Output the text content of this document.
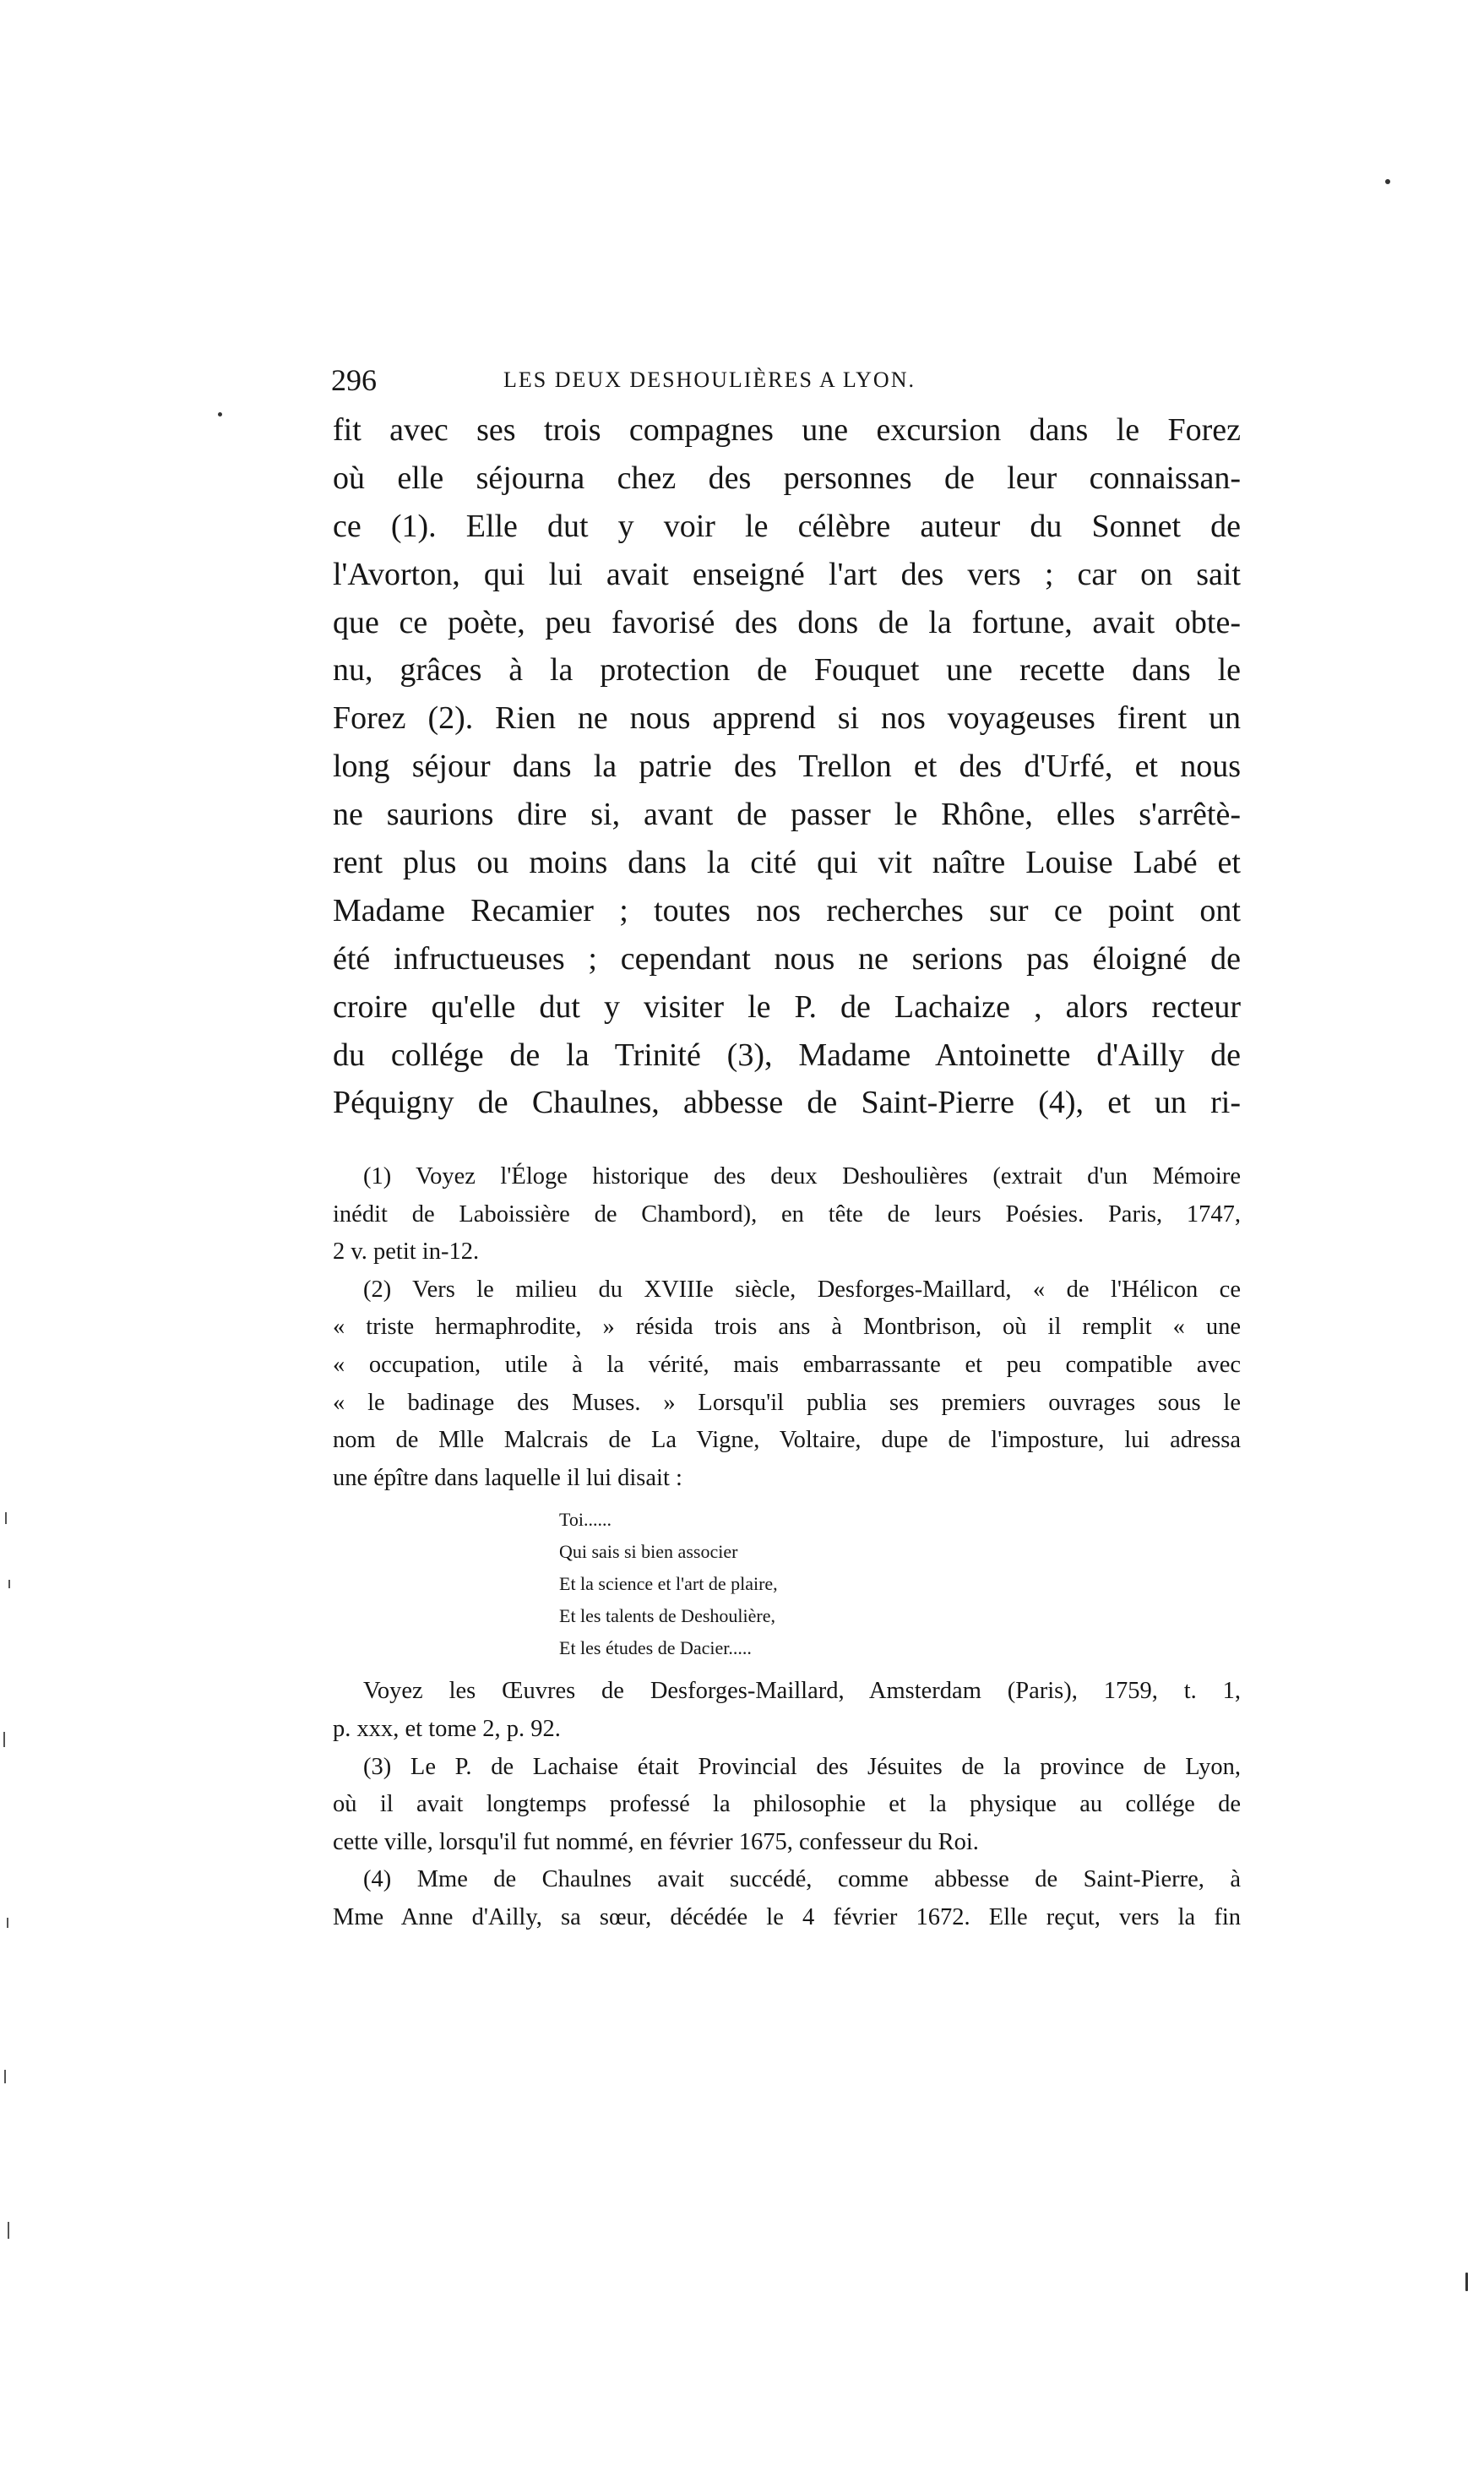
296	LES DEUX DESHOULIÈRES A LYON.
fit avec ses trois compagnes une excursion dans le Forez
où elle séjourna chez des personnes de leur connaissan-
ce (1). Elle dut y voir le célèbre auteur du Sonnet de
l'Avorton, qui lui avait enseigné l'art des vers ; car on sait
que ce poète, peu favorisé des dons de la fortune, avait obte-
nu, grâces à la protection de Fouquet une recette dans le
Forez (2). Rien ne nous apprend si nos voyageuses firent un
long séjour dans la patrie des Trellon et des d'Urfé, et nous
ne saurions dire si, avant de passer le Rhône, elles s'arrêtè-
rent plus ou moins dans la cité qui vit naître Louise Labé et
Madame Recamier ; toutes nos recherches sur ce point ont
été infructueuses ; cependant nous ne serions pas éloigné de
croire qu'elle dut y visiter le P. de Lachaize , alors recteur
du collége de la Trinité (3), Madame Antoinette d'Ailly de
Péquigny de Chaulnes, abbesse de Saint-Pierre (4), et un ri-
(1) Voyez l'Éloge historique des deux Deshoulières (extrait d'un Mémoire
inédit de Laboissière de Chambord), en tête de leurs Poésies. Paris, 1747,
2 v. petit in-12.
(2) Vers le milieu du XVIIIe siècle, Desforges-Maillard, « de l'Hélicon ce
« triste hermaphrodite, » résida trois ans à Montbrison, où il remplit « une
« occupation, utile à la vérité, mais embarrassante et peu compatible avec
« le badinage des Muses. » Lorsqu'il publia ses premiers ouvrages sous le
nom de Mlle Malcrais de La Vigne, Voltaire, dupe de l'imposture, lui adressa
une épître dans laquelle il lui disait :
Toi......
Qui sais si bien associer
Et la science et l'art de plaire,
Et les talents de Deshoulière,
Et les études de Dacier.....
Voyez les Œuvres de Desforges-Maillard, Amsterdam (Paris), 1759, t. 1,
p. xxx, et tome 2, p. 92.
(3) Le P. de Lachaise était Provincial des Jésuites de la province de Lyon,
où il avait longtemps professé la philosophie et la physique au collége de
cette ville, lorsqu'il fut nommé, en février 1675, confesseur du Roi.
(4) Mme de Chaulnes avait succédé, comme abbesse de Saint-Pierre, à
Mme Anne d'Ailly, sa sœur, décédée le 4 février 1672. Elle reçut, vers la fin
